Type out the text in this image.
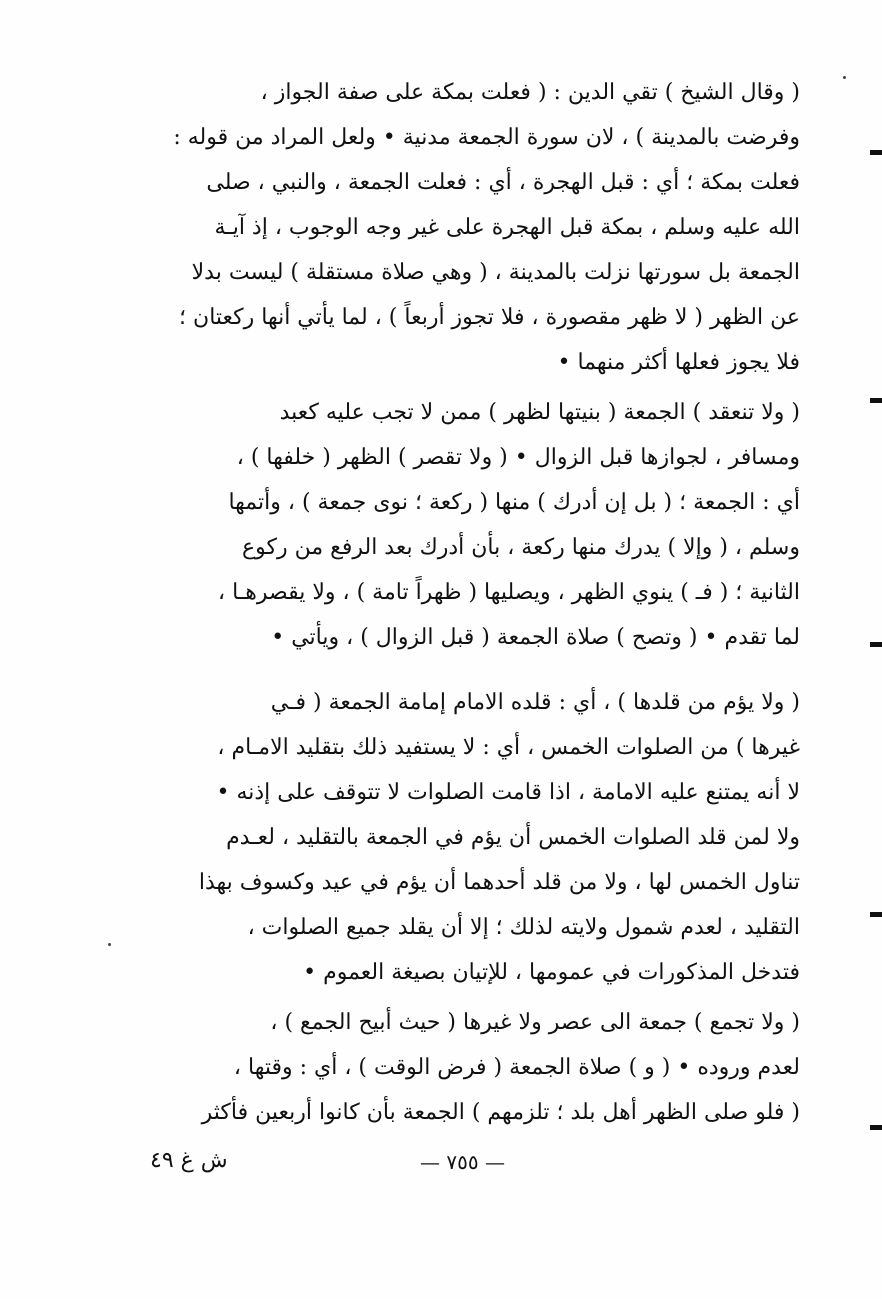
( وقال الشيخ ) تقي الدين : ( فعلت بمكة على صفة الجواز ،
وفرضت بالمدينة ) ، لان سورة الجمعة مدنية • ولعل المراد من قوله :
فعلت بمكة ؛ أي : قبل الهجرة ، أي : فعلت الجمعة ، والنبي ، صلى
الله عليه وسلم ، بمكة قبل الهجرة على غير وجه الوجوب ، إذ آيـة
الجمعة بل سورتها نزلت بالمدينة ، ( وهي صلاة مستقلة ) ليست بدلا
عن الظهر ( لا ظهر مقصورة ، فلا تجوز أربعاً ) ، لما يأتي أنها ركعتان ؛
فلا يجوز فعلها أكثر منهما •
( ولا تنعقد ) الجمعة ( بنيتها لظهر ) ممن لا تجب عليه كعبد
ومسافر ، لجوازها قبل الزوال • ( ولا تقصر ) الظهر ( خلفها ) ،
أي : الجمعة ؛ ( بل إن أدرك ) منها ( ركعة ؛ نوى جمعة ) ، وأتمها
وسلم ، ( وإلا ) يدرك منها ركعة ، بأن أدرك بعد الرفع من ركوع
الثانية ؛ ( فـ ) ينوي الظهر ، ويصليها ( ظهراً تامة ) ، ولا يقصرهـا ،
لما تقدم • ( وتصح ) صلاة الجمعة ( قبل الزوال ) ، ويأتي •
( ولا يؤم من قلدها ) ، أي : قلده الامام إمامة الجمعة ( فـي
غيرها ) من الصلوات الخمس ، أي : لا يستفيد ذلك بتقليد الامـام ،
لا أنه يمتنع عليه الامامة ، اذا قامت الصلوات لا تتوقف على إذنه •
ولا لمن قلد الصلوات الخمس أن يؤم في الجمعة بالتقليد ، لعـدم
تناول الخمس لها ، ولا من قلد أحدهما أن يؤم في عيد وكسوف بهذا
التقليد ، لعدم شمول ولايته لذلك ؛ إلا أن يقلد جميع الصلوات ،
فتدخل المذكورات في عمومها ، للإتيان بصيغة العموم •
( ولا تجمع ) جمعة الى عصر ولا غيرها ( حيث أبيح الجمع ) ،
لعدم وروده • ( و ) صلاة الجمعة ( فرض الوقت ) ، أي : وقتها ،
( فلو صلى الظهر أهل بلد ؛ تلزمهم ) الجمعة بأن كانوا أربعين فأكثر
ش غ ٤٩	— ٧٥٥ —
